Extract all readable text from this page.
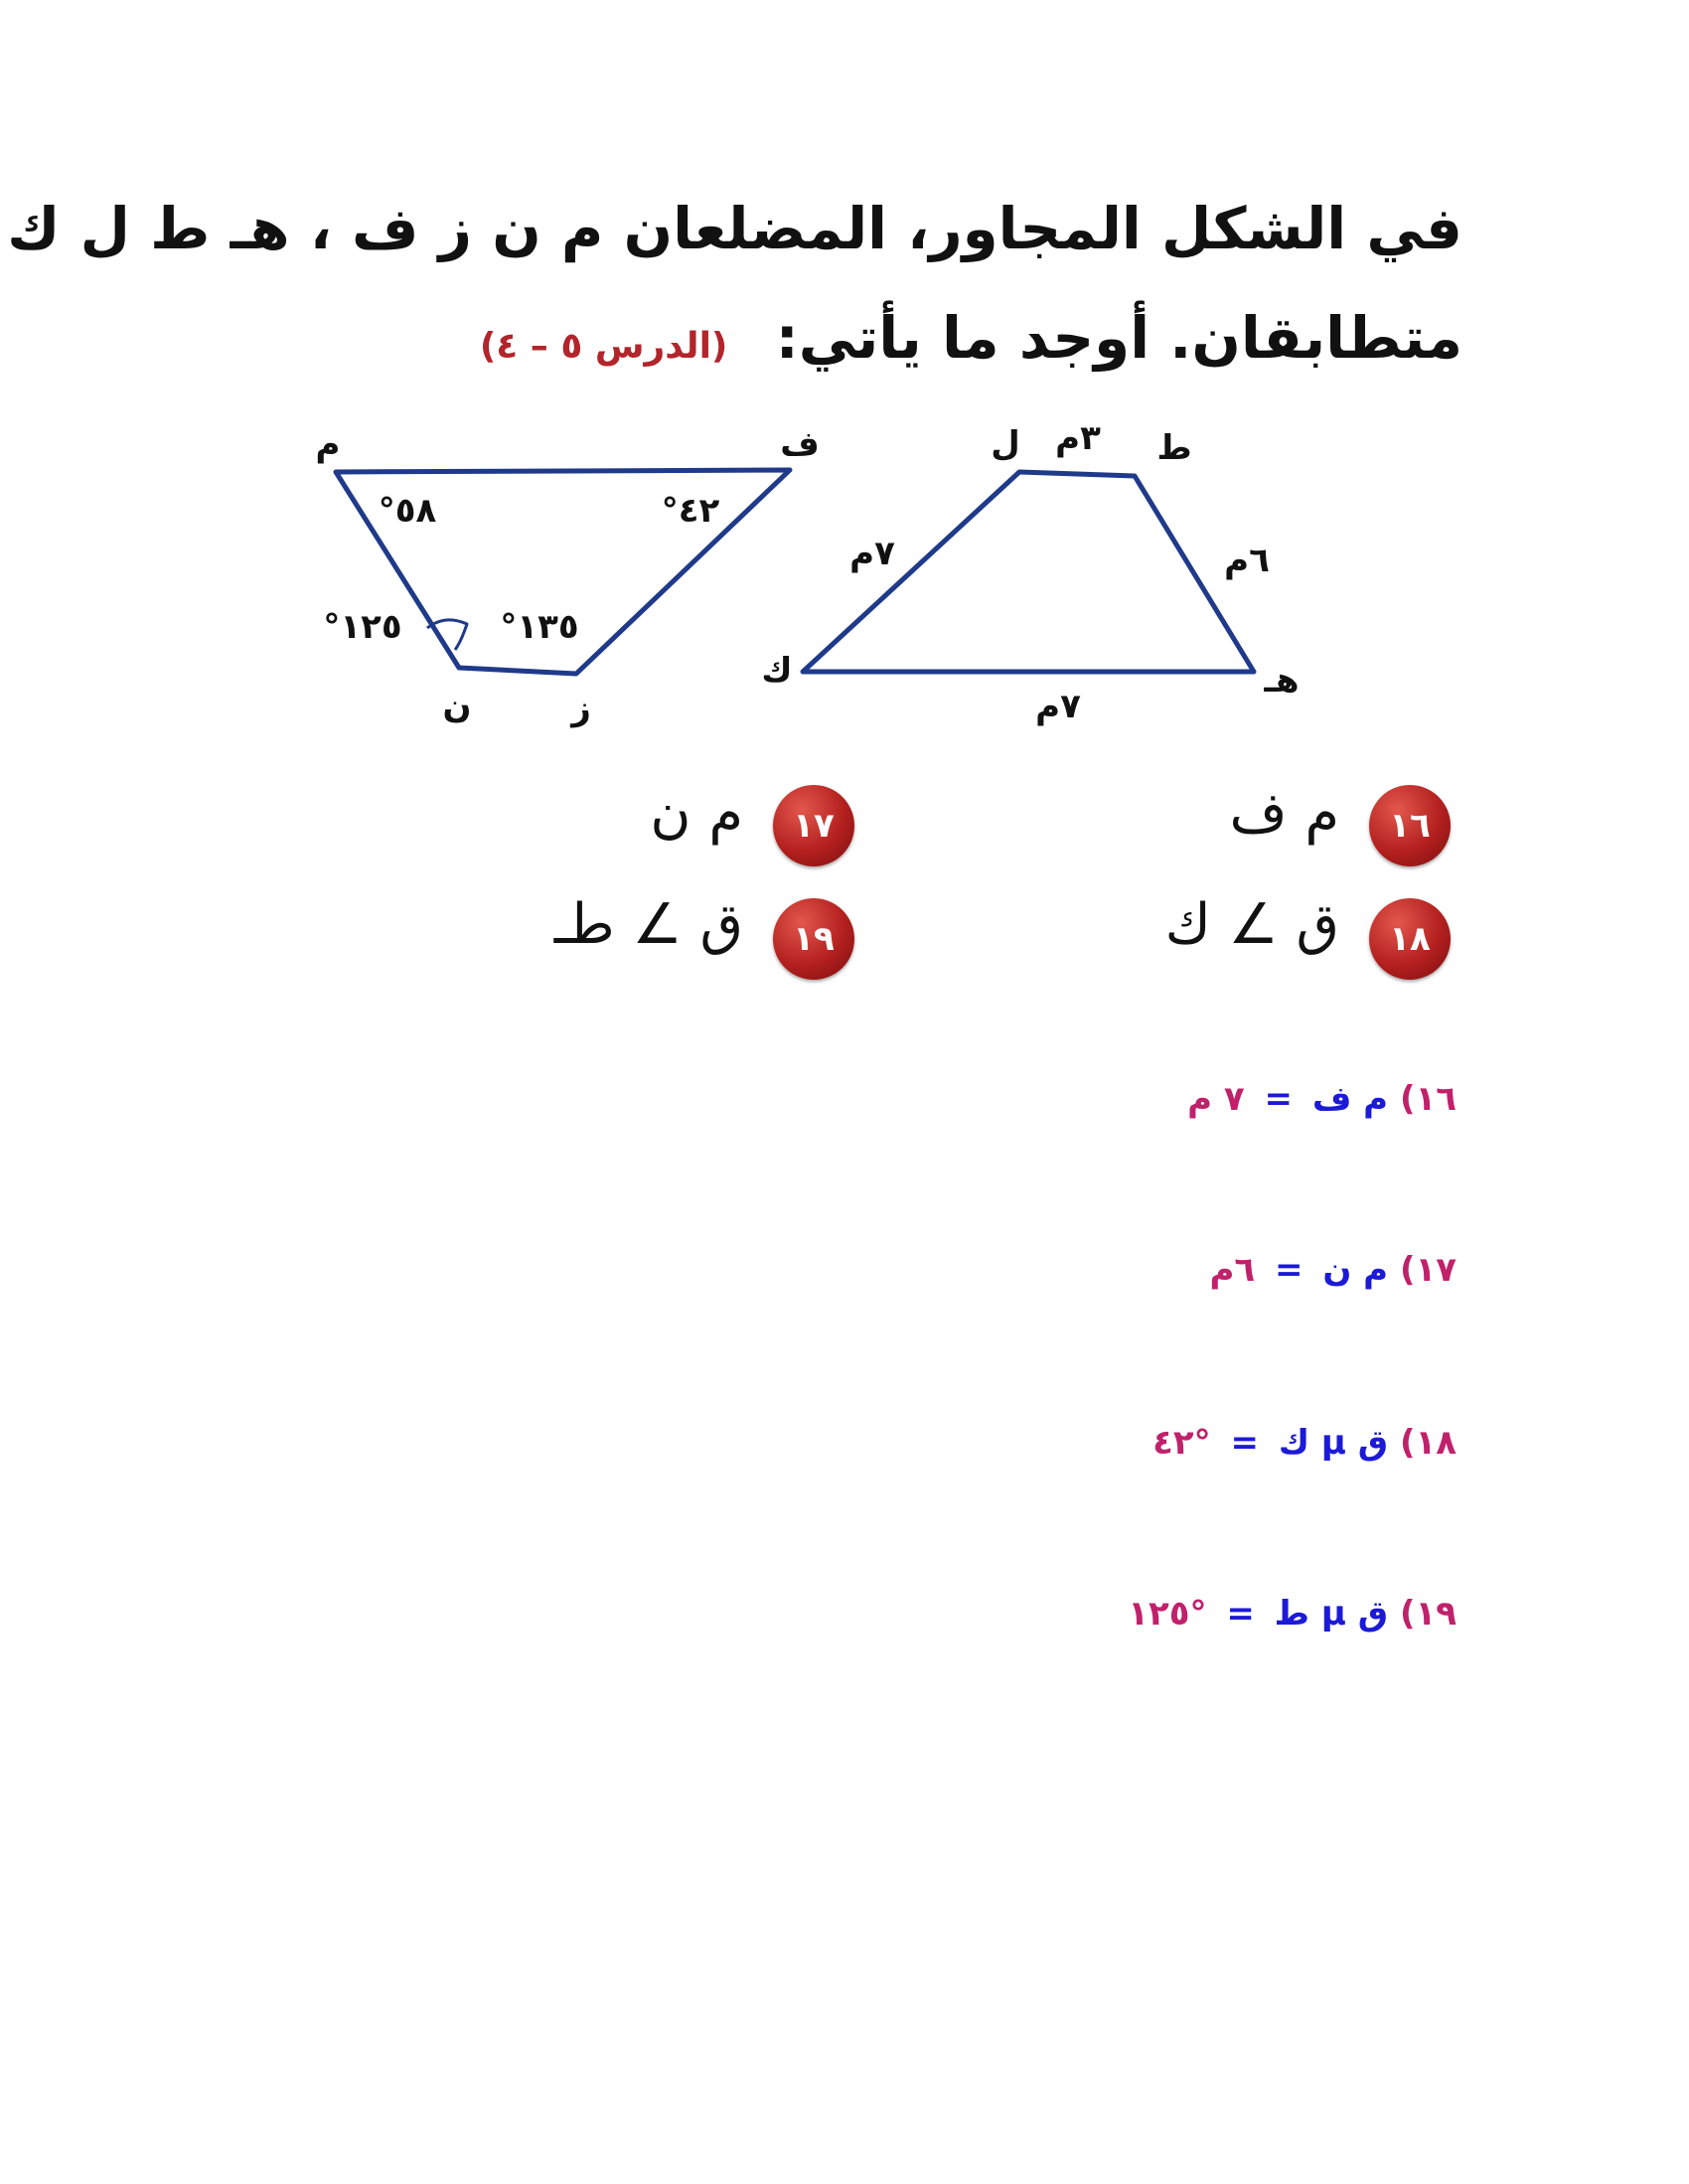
في الشكل المجاور، المضلعان م ن ز ف ، هـ ط ل ك
متطابقان. أوجد ما يأتي: (الدرس ٥ – ٤)
م	ف
ن	ز
°٥٨	°٤٢
°١٢٥	°١٣٥
ل	ط
هـ
ك
٣م
٧م	٦م
٧م
١٦
م ف
١٧
م ن
١٨
ق ∠ ك
١٩
ق ∠ طـ
١٦) م ف = ٧ م
١٧) م ن = ٦م
١٨) ق µ ك = °٤٢
١٩) ق µ ط = °١٢٥
